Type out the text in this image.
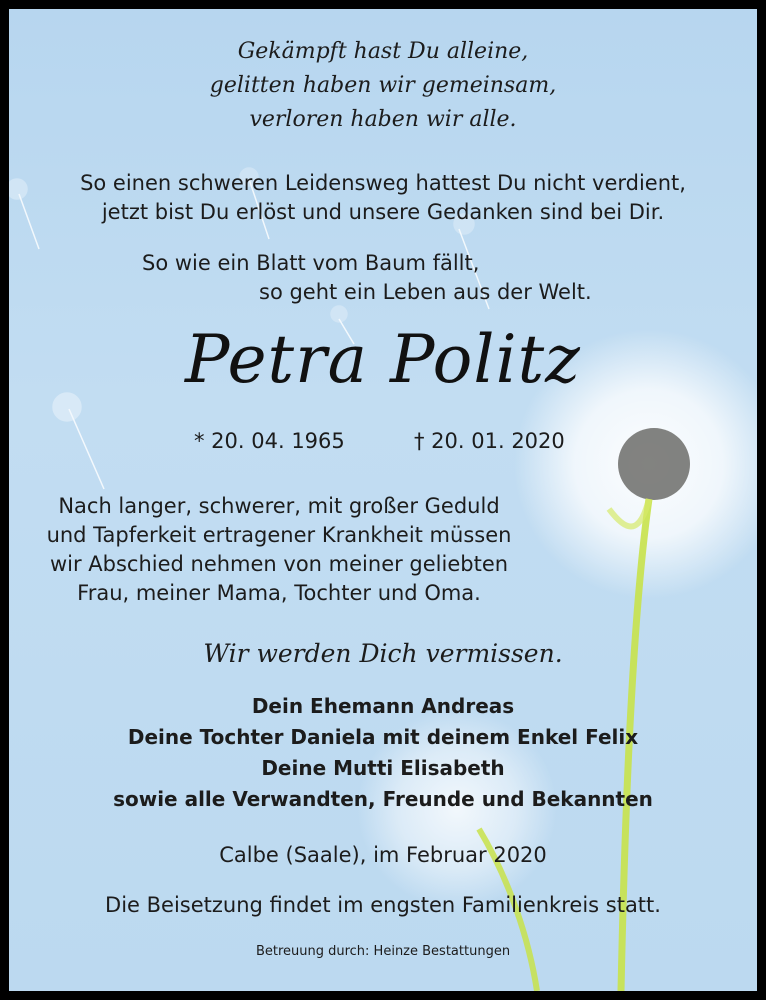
Gekämpft hast Du alleine,
gelitten haben wir gemeinsam,
verloren haben wir alle.
So einen schweren Leidensweg hattest Du nicht verdient,
jetzt bist Du erlöst und unsere Gedanken sind bei Dir.
So wie ein Blatt vom Baum fällt,
so geht ein Leben aus der Welt.
Petra Politz
* 20. 04. 1965	† 20. 01. 2020
Nach langer, schwerer, mit großer Geduld
und Tapferkeit ertragener Krankheit müssen
wir Abschied nehmen von meiner geliebten
Frau, meiner Mama, Tochter und Oma.
Wir werden Dich vermissen.
Dein Ehemann Andreas
Deine Tochter Daniela mit deinem Enkel Felix
Deine Mutti Elisabeth
sowie alle Verwandten, Freunde und Bekannten
Calbe (Saale), im Februar 2020
Die Beisetzung findet im engsten Familienkreis statt.
Betreuung durch: Heinze Bestattungen
